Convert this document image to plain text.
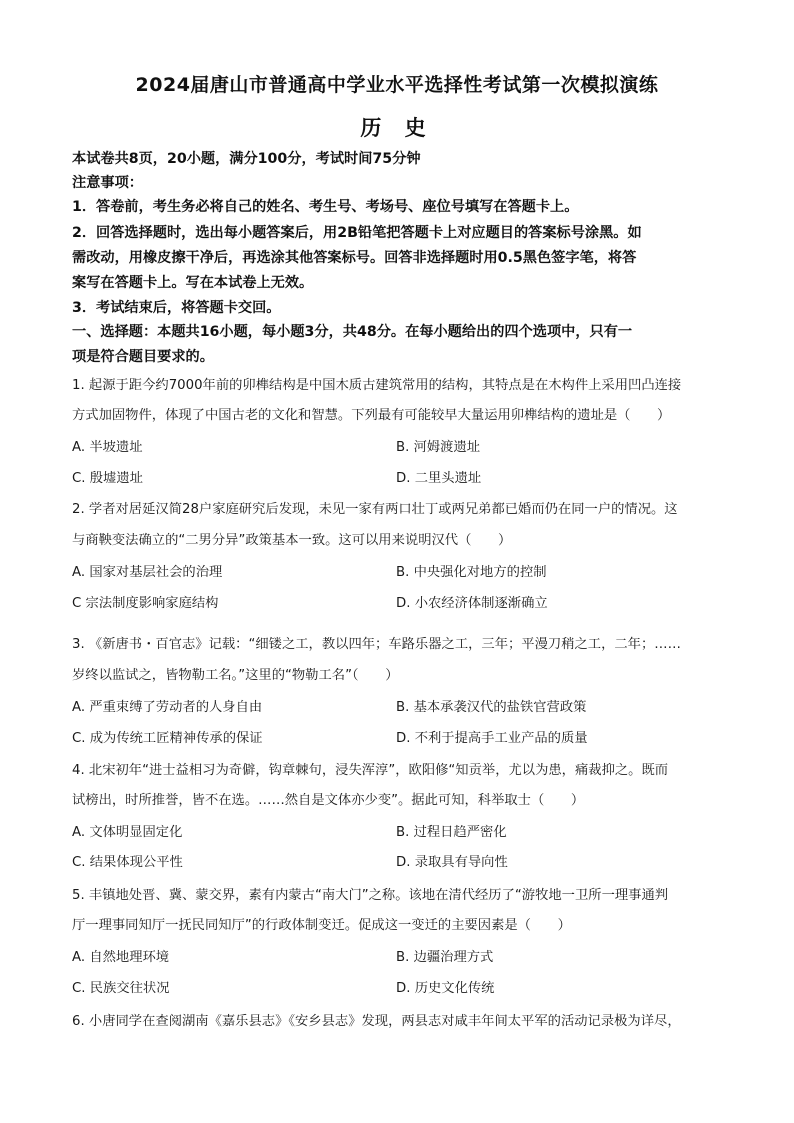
2024届唐山市普通高中学业水平选择性考试第一次模拟演练
历 史
本试卷共8页，20小题，满分100分，考试时间75分钟
注意事项：
1．答卷前，考生务必将自己的姓名、考生号、考场号、座位号填写在答题卡上。
2．回答选择题时，选出每小题答案后，用2B铅笔把答题卡上对应题目的答案标号涂黑。如
需改动，用橡皮擦干净后，再选涂其他答案标号。回答非选择题时用0.5黑色签字笔，将答
案写在答题卡上。写在本试卷上无效。
3．考试结束后，将答题卡交回。
一、选择题：本题共16小题，每小题3分，共48分。在每小题给出的四个选项中，只有一
项是符合题目要求的。
1. 起源于距今约7000年前的卯榫结构是中国木质古建筑常用的结构，其特点是在木构件上采用凹凸连接
方式加固物件，体现了中国古老的文化和智慧。下列最有可能较早大量运用卯榫结构的遗址是（　　）
A. 半坡遗址	B. 河姆渡遗址
C. 殷墟遗址	D. 二里头遗址
2. 学者对居延汉简28户家庭研究后发现，未见一家有两口壮丁或两兄弟都已婚而仍在同一户的情况。这
与商鞅变法确立的“二男分异”政策基本一致。这可以用来说明汉代（　　）
A. 国家对基层社会的治理	B. 中央强化对地方的控制
C 宗法制度影响家庭结构	D. 小农经济体制逐渐确立
3. 《新唐书・百官志》记载：“细镂之工，教以四年；车路乐器之工，三年；平漫刀稍之工，二年；……
岁终以监试之，皆物勒工名。”这里的“物勒工名”（　　）
A. 严重束缚了劳动者的人身自由	B. 基本承袭汉代的盐铁官营政策
C. 成为传统工匠精神传承的保证	D. 不利于提高手工业产品的质量
4. 北宋初年“进士益相习为奇僻，钩章棘句，浸失浑淳”，欧阳修“知贡举，尤以为患，痛裁抑之。既而
试榜出，时所推誉，皆不在选。……然自是文体亦少变”。据此可知，科举取士（　　）
A. 文体明显固定化	B. 过程日趋严密化
C. 结果体现公平性	D. 录取具有导向性
5. 丰镇地处晋、冀、蒙交界，素有内蒙古“南大门”之称。该地在清代经历了“游牧地一卫所一理事通判
厅一理事同知厅一抚民同知厅”的行政体制变迁。促成这一变迁的主要因素是（　　）
A. 自然地理环境	B. 边疆治理方式
C. 民族交往状况	D. 历史文化传统
6. 小唐同学在查阅湖南《嘉乐县志》《安乡县志》发现，两县志对咸丰年间太平军的活动记录极为详尽，
